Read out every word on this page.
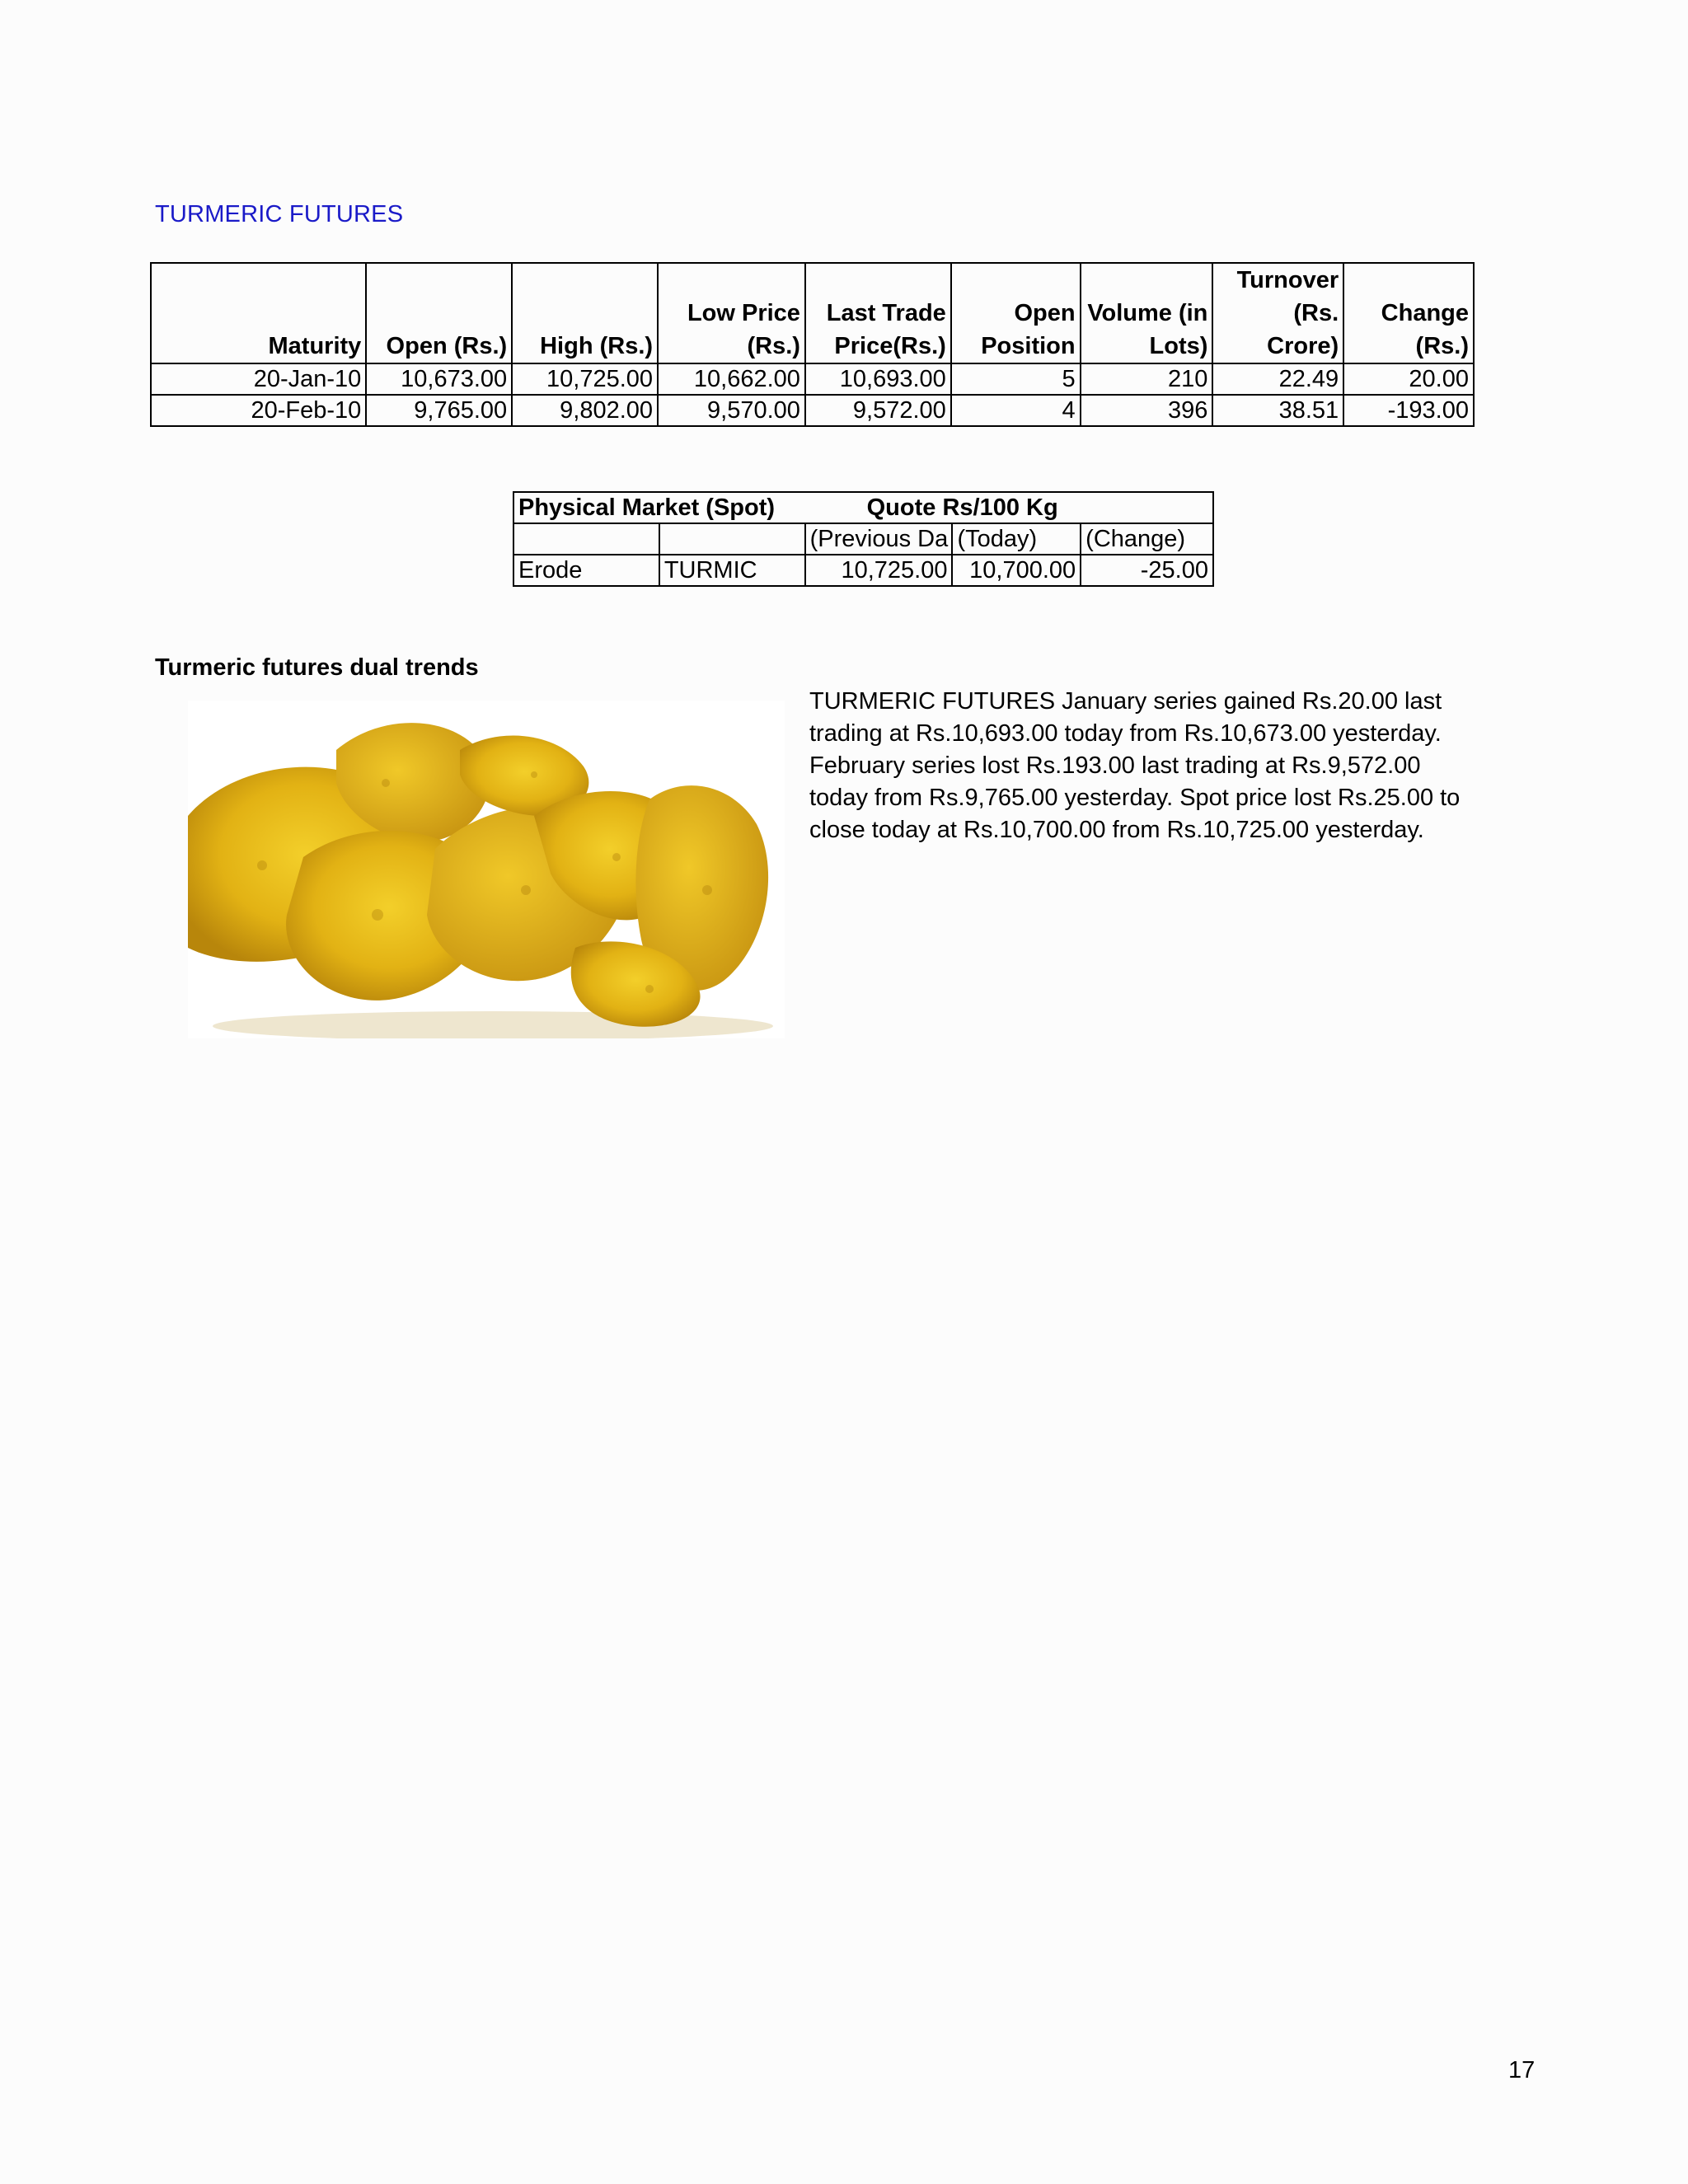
TURMERIC FUTURES
Maturity	Open (Rs.)	High (Rs.)	Low Price (Rs.)	Last Trade Price(Rs.)	Open Position	Volume (in Lots)	Turnover (Rs. Crore)	Change (Rs.)
20-Jan-10	10,673.00	10,725.00	10,662.00	10,693.00	5	210	22.49	20.00
20-Feb-10	9,765.00	9,802.00	9,570.00	9,572.00	4	396	38.51	-193.00
Physical Market (Spot)		Quote Rs/100 Kg		
		(Previous Da	(Today)	(Change)
Erode	TURMIC	10,725.00	10,700.00	-25.00
Turmeric futures dual trends
TURMERIC FUTURES January series gained Rs.20.00 last trading at Rs.10,693.00 today from Rs.10,673.00 yesterday. February series lost Rs.193.00 last trading at Rs.9,572.00 today from Rs.9,765.00 yesterday. Spot price lost Rs.25.00 to close today at Rs.10,700.00 from Rs.10,725.00 yesterday.
17
